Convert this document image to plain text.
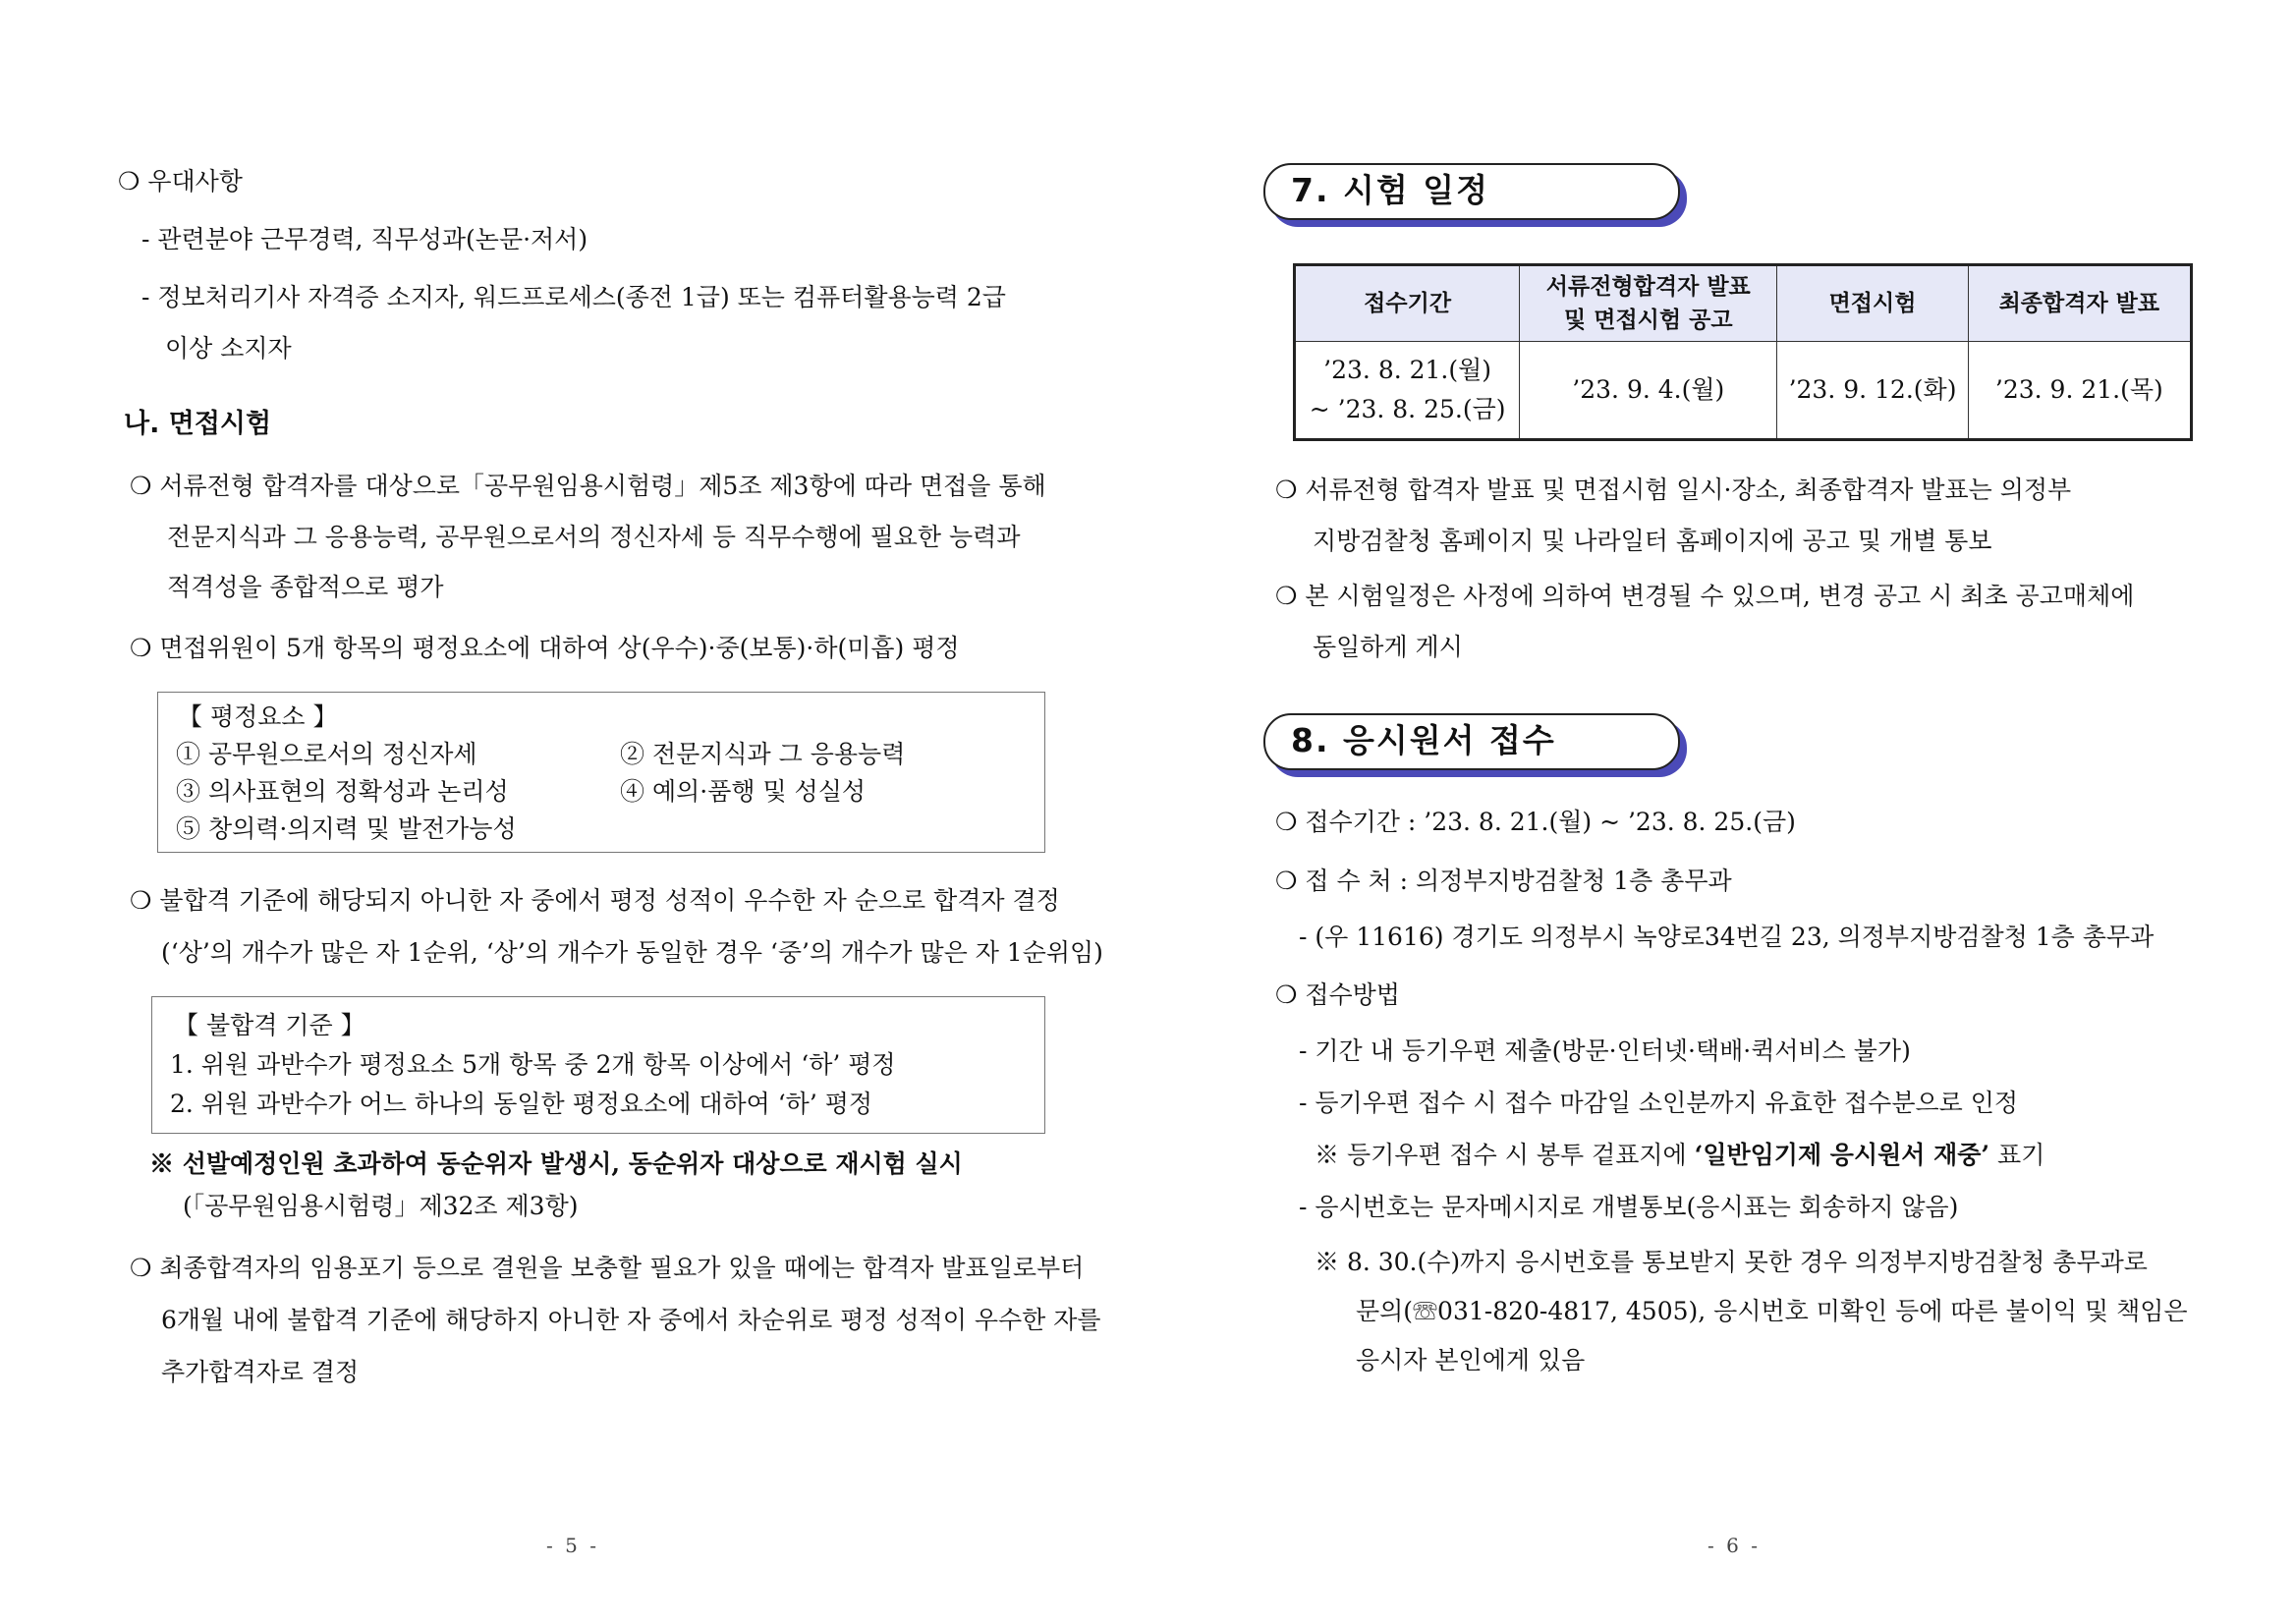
❍ 우대사항
- 관련분야 근무경력, 직무성과(논문·저서)
- 정보처리기사 자격증 소지자, 워드프로세스(종전 1급) 또는 컴퓨터활용능력 2급
이상 소지자
나. 면접시험
❍ 서류전형 합격자를 대상으로「공무원임용시험령」제5조 제3항에 따라 면접을 통해
전문지식과 그 응용능력, 공무원으로서의 정신자세 등 직무수행에 필요한 능력과
적격성을 종합적으로 평가
❍ 면접위원이 5개 항목의 평정요소에 대하여 상(우수)·중(보통)·하(미흡) 평정
【 평정요소 】
① 공무원으로서의 정신자세	② 전문지식과 그 응용능력
③ 의사표현의 정확성과 논리성	④ 예의·품행 및 성실성
⑤ 창의력·의지력 및 발전가능성
❍ 불합격 기준에 해당되지 아니한 자 중에서 평정 성적이 우수한 자 순으로 합격자 결정
(‘상’의 개수가 많은 자 1순위, ‘상’의 개수가 동일한 경우 ‘중’의 개수가 많은 자 1순위임)
【 불합격 기준 】
1. 위원 과반수가 평정요소 5개 항목 중 2개 항목 이상에서 ‘하’ 평정
2. 위원 과반수가 어느 하나의 동일한 평정요소에 대하여 ‘하’ 평정
※ 선발예정인원 초과하여 동순위자 발생시, 동순위자 대상으로 재시험 실시
(「공무원임용시험령」제32조 제3항)
❍ 최종합격자의 임용포기 등으로 결원을 보충할 필요가 있을 때에는 합격자 발표일로부터
6개월 내에 불합격 기준에 해당하지 아니한 자 중에서 차순위로 평정 성적이 우수한 자를
추가합격자로 결정
- 5 -
7. 시험 일정
접수기간	서류전형합격자 발표
및 면접시험 공고	면접시험	최종합격자 발표
’23. 8. 21.(월)
~ ’23. 8. 25.(금)	’23. 9. 4.(월)	’23. 9. 12.(화)	’23. 9. 21.(목)
❍ 서류전형 합격자 발표 및 면접시험 일시·장소, 최종합격자 발표는 의정부
지방검찰청 홈페이지 및 나라일터 홈페이지에 공고 및 개별 통보
❍ 본 시험일정은 사정에 의하여 변경될 수 있으며, 변경 공고 시 최초 공고매체에
동일하게 게시
8. 응시원서 접수
❍ 접수기간 : ’23. 8. 21.(월) ~ ’23. 8. 25.(금)
❍ 접 수 처 : 의정부지방검찰청 1층 총무과
- (우 11616) 경기도 의정부시 녹양로34번길 23, 의정부지방검찰청 1층 총무과
❍ 접수방법
- 기간 내 등기우편 제출(방문·인터넷·택배·퀵서비스 불가)
- 등기우편 접수 시 접수 마감일 소인분까지 유효한 접수분으로 인정
※ 등기우편 접수 시 봉투 겉표지에 ‘일반임기제 응시원서 재중’ 표기
- 응시번호는 문자메시지로 개별통보(응시표는 회송하지 않음)
※ 8. 30.(수)까지 응시번호를 통보받지 못한 경우 의정부지방검찰청 총무과로
문의(☏031-820-4817, 4505), 응시번호 미확인 등에 따른 불이익 및 책임은
응시자 본인에게 있음
- 6 -
